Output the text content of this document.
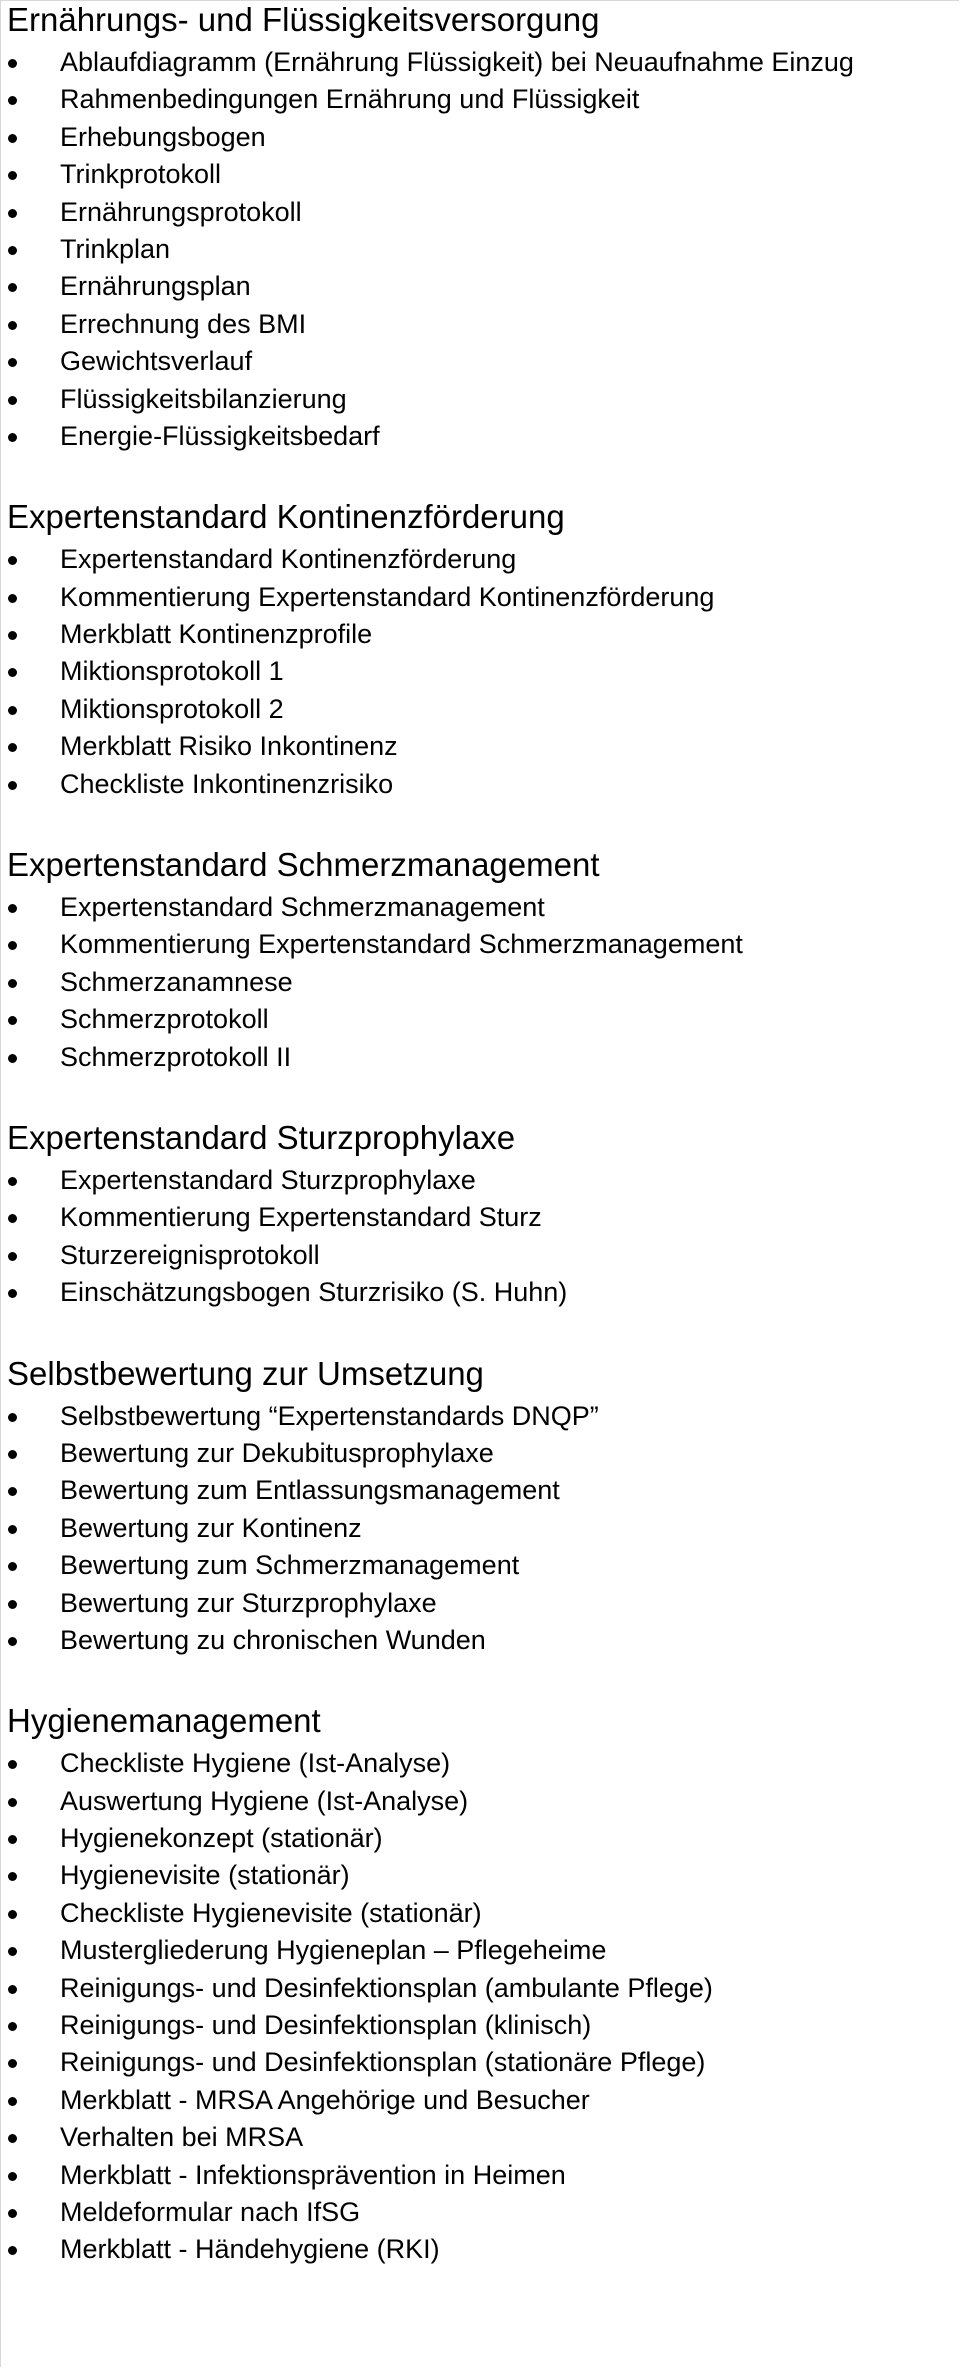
Ernährungs- und Flüssigkeitsversorgung
Ablaufdiagramm (Ernährung Flüssigkeit) bei Neuaufnahme Einzug
Rahmenbedingungen Ernährung und Flüssigkeit
Erhebungsbogen
Trinkprotokoll
Ernährungsprotokoll
Trinkplan
Ernährungsplan
Errechnung des BMI
Gewichtsverlauf
Flüssigkeitsbilanzierung
Energie-Flüssigkeitsbedarf
Expertenstandard Kontinenzförderung
Expertenstandard Kontinenzförderung
Kommentierung Expertenstandard Kontinenzförderung
Merkblatt Kontinenzprofile
Miktionsprotokoll 1
Miktionsprotokoll 2
Merkblatt Risiko Inkontinenz
Checkliste Inkontinenzrisiko
Expertenstandard Schmerzmanagement
Expertenstandard Schmerzmanagement
Kommentierung Expertenstandard Schmerzmanagement
Schmerzanamnese
Schmerzprotokoll
Schmerzprotokoll II
Expertenstandard Sturzprophylaxe
Expertenstandard Sturzprophylaxe
Kommentierung Expertenstandard Sturz
Sturzereignisprotokoll
Einschätzungsbogen Sturzrisiko (S. Huhn)
Selbstbewertung zur Umsetzung
Selbstbewertung “Expertenstandards DNQP”
Bewertung zur Dekubitusprophylaxe
Bewertung zum Entlassungsmanagement
Bewertung zur Kontinenz
Bewertung zum Schmerzmanagement
Bewertung zur Sturzprophylaxe
Bewertung zu chronischen Wunden
Hygienemanagement
Checkliste Hygiene (Ist-Analyse)
Auswertung Hygiene (Ist-Analyse)
Hygienekonzept (stationär)
Hygienevisite (stationär)
Checkliste Hygienevisite (stationär)
Mustergliederung Hygieneplan – Pflegeheime
Reinigungs- und Desinfektionsplan (ambulante Pflege)
Reinigungs- und Desinfektionsplan (klinisch)
Reinigungs- und Desinfektionsplan (stationäre Pflege)
Merkblatt - MRSA Angehörige und Besucher
Verhalten bei MRSA
Merkblatt - Infektionsprävention in Heimen
Meldeformular nach IfSG
Merkblatt - Händehygiene (RKI)
